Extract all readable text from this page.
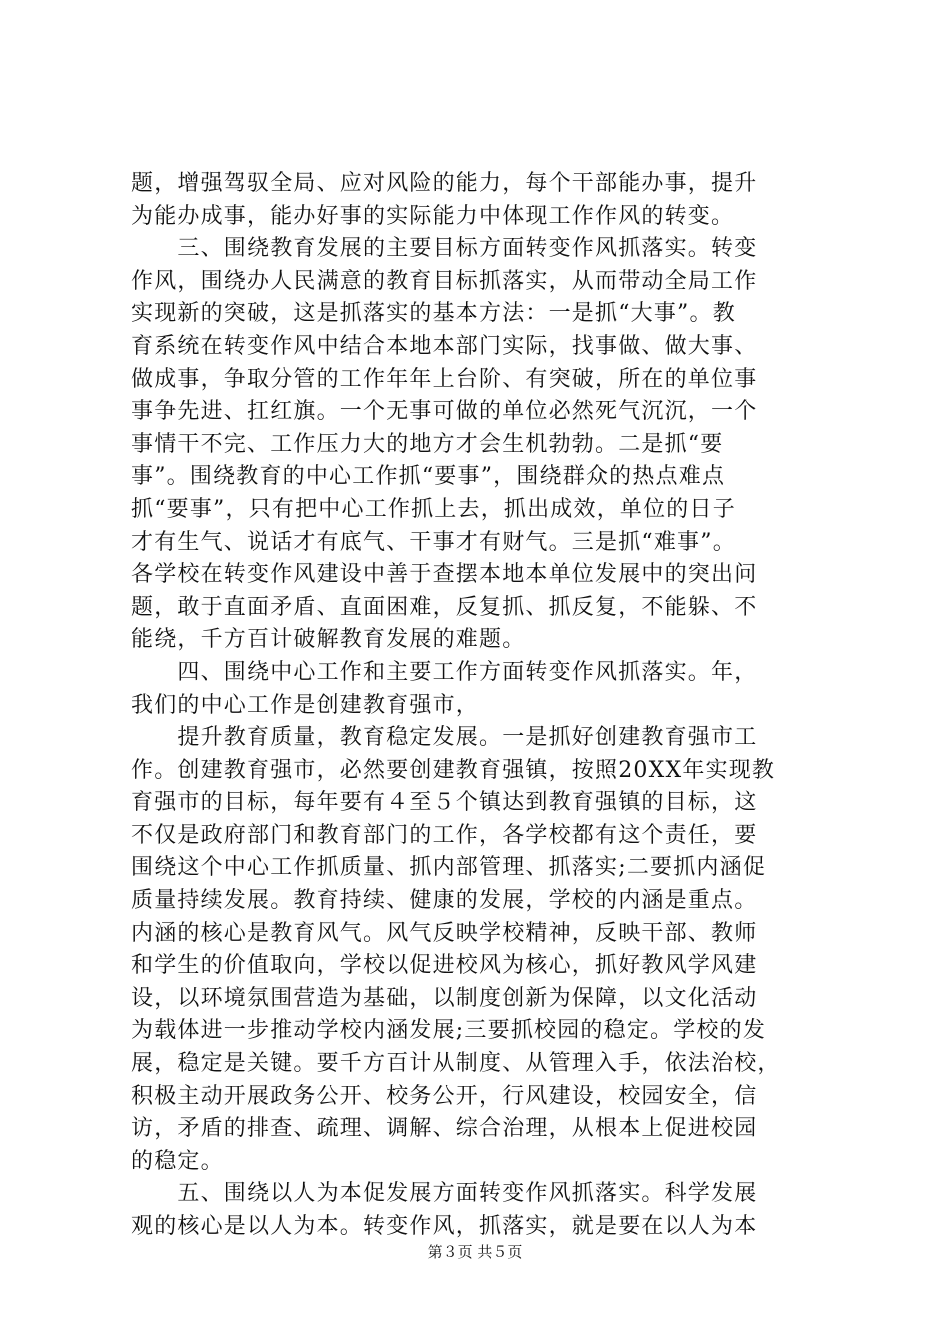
题，增强驾驭全局、应对风险的能力，每个干部能办事，提升
为能办成事，能办好事的实际能力中体现工作作风的转变。
　　三、围绕教育发展的主要目标方面转变作风抓落实。转变
作风，围绕办人民满意的教育目标抓落实，从而带动全局工作
实现新的突破，这是抓落实的基本方法：一是抓“大事”。教
育系统在转变作风中结合本地本部门实际，找事做、做大事、
做成事，争取分管的工作年年上台阶、有突破，所在的单位事
事争先进、扛红旗。一个无事可做的单位必然死气沉沉，一个
事情干不完、工作压力大的地方才会生机勃勃。二是抓“要
事”。围绕教育的中心工作抓“要事”，围绕群众的热点难点
抓“要事”，只有把中心工作抓上去，抓出成效，单位的日子
才有生气、说话才有底气、干事才有财气。三是抓“难事”。
各学校在转变作风建设中善于查摆本地本单位发展中的突出问
题，敢于直面矛盾、直面困难，反复抓、抓反复，不能躲、不
能绕，千方百计破解教育发展的难题。
　　四、围绕中心工作和主要工作方面转变作风抓落实。年，
我们的中心工作是创建教育强市，
　　提升教育质量，教育稳定发展。一是抓好创建教育强市工
作。创建教育强市，必然要创建教育强镇，按照20XX年实现教
育强市的目标，每年要有４至５个镇达到教育强镇的目标，这
不仅是政府部门和教育部门的工作，各学校都有这个责任，要
围绕这个中心工作抓质量、抓内部管理、抓落实;二要抓内涵促
质量持续发展。教育持续、健康的发展，学校的内涵是重点。
内涵的核心是教育风气。风气反映学校精神，反映干部、教师
和学生的价值取向，学校以促进校风为核心，抓好教风学风建
设，以环境氛围营造为基础，以制度创新为保障，以文化活动
为载体进一步推动学校内涵发展;三要抓校园的稳定。学校的发
展，稳定是关键。要千方百计从制度、从管理入手，依法治校，
积极主动开展政务公开、校务公开，行风建设，校园安全，信
访，矛盾的排查、疏理、调解、综合治理，从根本上促进校园
的稳定。
　　五、围绕以人为本促发展方面转变作风抓落实。科学发展
观的核心是以人为本。转变作风，抓落实，就是要在以人为本
第３页 共５页
